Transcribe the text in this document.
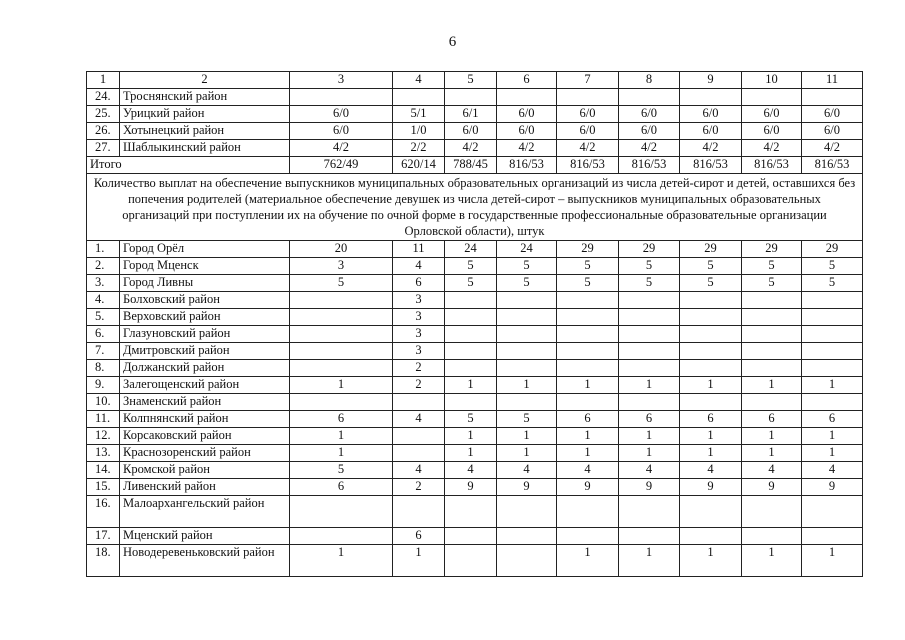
6
1	2	3	4	5	6	7	8	9	10	11
24.	Троснянский район									
25.	Урицкий район	6/0	5/1	6/1	6/0	6/0	6/0	6/0	6/0	6/0
26.	Хотынецкий район	6/0	1/0	6/0	6/0	6/0	6/0	6/0	6/0	6/0
27.	Шаблыкинский район	4/2	2/2	4/2	4/2	4/2	4/2	4/2	4/2	4/2
Итого		762/49	620/14	788/45	816/53	816/53	816/53	816/53	816/53	816/53
Количество выплат на обеспечение выпускников муниципальных образовательных организаций из числа детей-сирот и детей, оставшихся без попечения родителей (материальное обеспечение девушек из числа детей-сирот – выпускников муниципальных образовательных организаций при поступлении их на обучение по очной форме в государственные профессиональные образовательные организации Орловской области), штук										
1.	Город Орёл	20	11	24	24	29	29	29	29	29
2.	Город Мценск	3	4	5	5	5	5	5	5	5
3.	Город Ливны	5	6	5	5	5	5	5	5	5
4.	Болховский район		3							
5.	Верховский район		3							
6.	Глазуновский район		3							
7.	Дмитровский район		3							
8.	Должанский район		2							
9.	Залегощенский район	1	2	1	1	1	1	1	1	1
10.	Знаменский район									
11.	Колпнянский район	6	4	5	5	6	6	6	6	6
12.	Корсаковский район	1		1	1	1	1	1	1	1
13.	Краснозоренский район	1		1	1	1	1	1	1	1
14.	Кромской район	5	4	4	4	4	4	4	4	4
15.	Ливенский район	6	2	9	9	9	9	9	9	9
16.	Малоархангельский район									
17.	Мценский район		6							
18.	Новодеревеньковский район	1	1			1	1	1	1	1
